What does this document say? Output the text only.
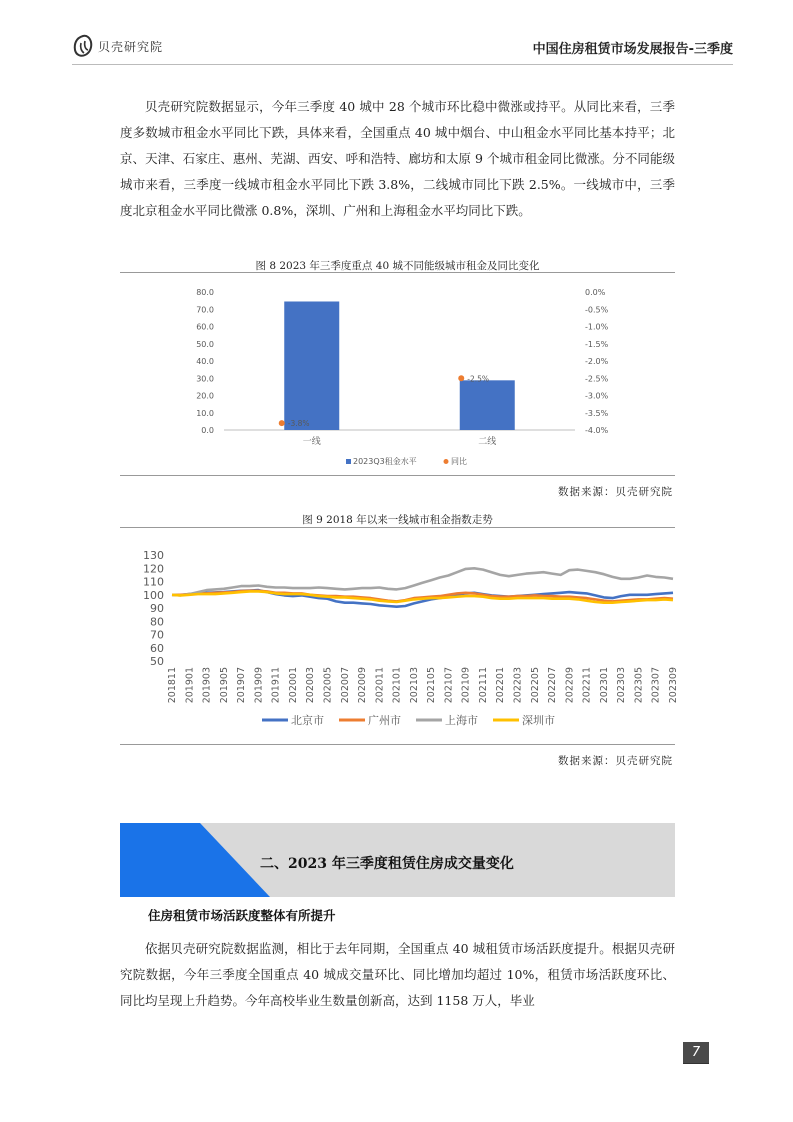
贝壳研究院	中国住房租赁市场发展报告-三季度

贝壳研究院数据显示，今年三季度 40 城中 28 个城市环比稳中微涨或持平。从同比来看，三季度多数城市租金水平同比下跌，具体来看，全国重点 40 城中烟台、中山租金水平同比基本持平；北京、天津、石家庄、惠州、芜湖、西安、呼和浩特、廊坊和太原 9 个城市租金同比微涨。分不同能级城市来看，三季度一线城市租金水平同比下跌 3.8%，二线城市同比下跌 2.5%。一线城市中，三季度北京租金水平同比微涨 0.8%，深圳、广州和上海租金水平均同比下跌。

图 8 2023 年三季度重点 40 城不同能级城市租金及同比变化
0.0
10.0
20.0
30.0
40.0
50.0
60.0
70.0
80.0
-4.0%
-3.5%
-3.0%
-2.5%
-2.0%
-1.5%
-1.0%
-0.5%
0.0%
一线
-3.8%
二线
-2.5%
2023Q3租金水平	同比
数据来源：贝壳研究院
图 9 2018 年以来一线城市租金指数走势
50
60
70
80
90
100
110
120
130
201811 201901 201903 201905 201907 201909 201911 202001 202003 202005 202007 202009 202011 202101 202103 202105 202107 202109 202111 202201 202203 202205 202207 202209 202211 202301 202303 202305 202307 202309
北京市	广州市	上海市	深圳市
数据来源：贝壳研究院
二、2023 年三季度租赁住房成交量变化
住房租赁市场活跃度整体有所提升

依据贝壳研究院数据监测，相比于去年同期，全国重点 40 城租赁市场活跃度提升。根据贝壳研究院数据，今年三季度全国重点 40 城成交量环比、同比增加均超过 10%，租赁市场活跃度环比、同比均呈现上升趋势。今年高校毕业生数量创新高，达到 1158 万人，毕业

7
